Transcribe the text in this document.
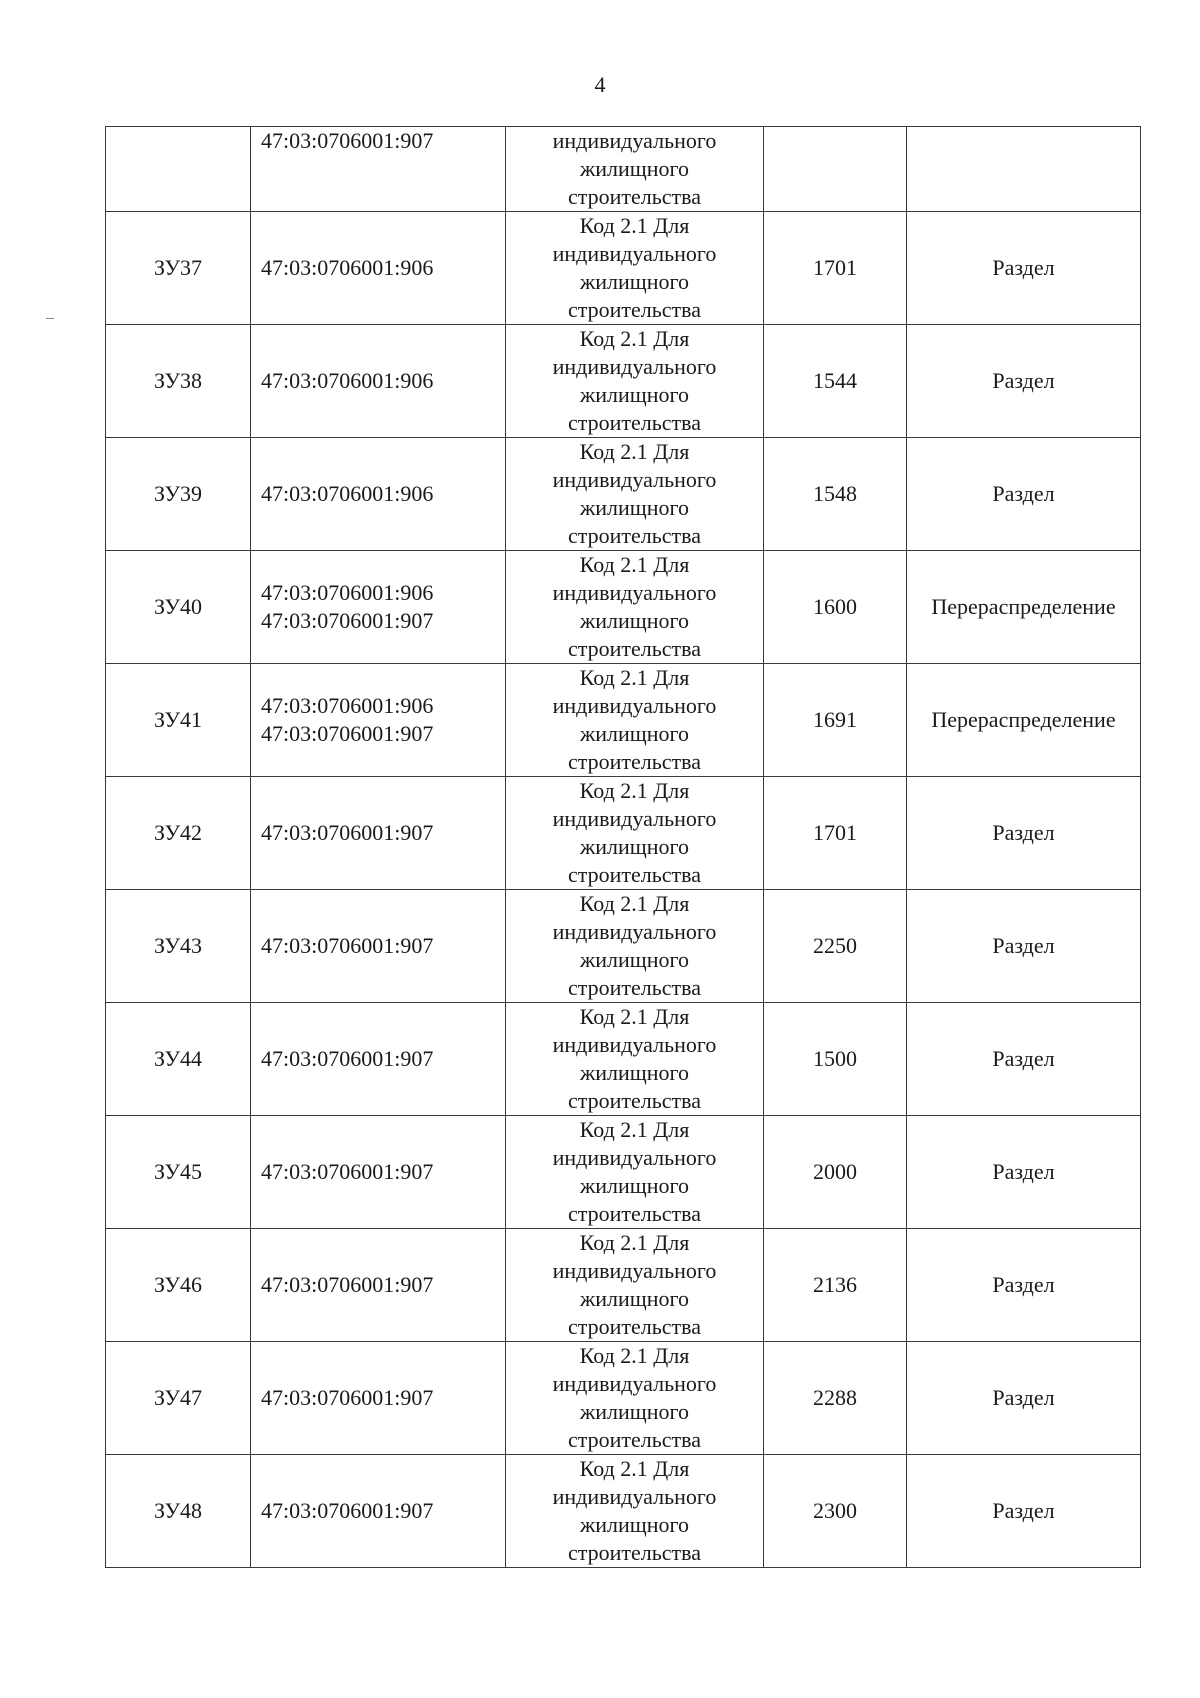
4

	47:03:0706001:907	индивидуального
жилищного
строительства		

ЗУ37	47:03:0706001:906	Код 2.1 Для
индивидуального
жилищного
строительства	1701	Раздел

ЗУ38	47:03:0706001:906	Код 2.1 Для
индивидуального
жилищного
строительства	1544	Раздел

ЗУ39	47:03:0706001:906	Код 2.1 Для
индивидуального
жилищного
строительства	1548	Раздел

ЗУ40	47:03:0706001:906
47:03:0706001:907	Код 2.1 Для
индивидуального
жилищного
строительства	1600	Перераспределение

ЗУ41	47:03:0706001:906
47:03:0706001:907	Код 2.1 Для
индивидуального
жилищного
строительства	1691	Перераспределение

ЗУ42	47:03:0706001:907	Код 2.1 Для
индивидуального
жилищного
строительства	1701	Раздел

ЗУ43	47:03:0706001:907	Код 2.1 Для
индивидуального
жилищного
строительства	2250	Раздел

ЗУ44	47:03:0706001:907	Код 2.1 Для
индивидуального
жилищного
строительства	1500	Раздел

ЗУ45	47:03:0706001:907	Код 2.1 Для
индивидуального
жилищного
строительства	2000	Раздел

ЗУ46	47:03:0706001:907	Код 2.1 Для
индивидуального
жилищного
строительства	2136	Раздел

ЗУ47	47:03:0706001:907	Код 2.1 Для
индивидуального
жилищного
строительства	2288	Раздел

ЗУ48	47:03:0706001:907	Код 2.1 Для
индивидуального
жилищного
строительства	2300	Раздел
